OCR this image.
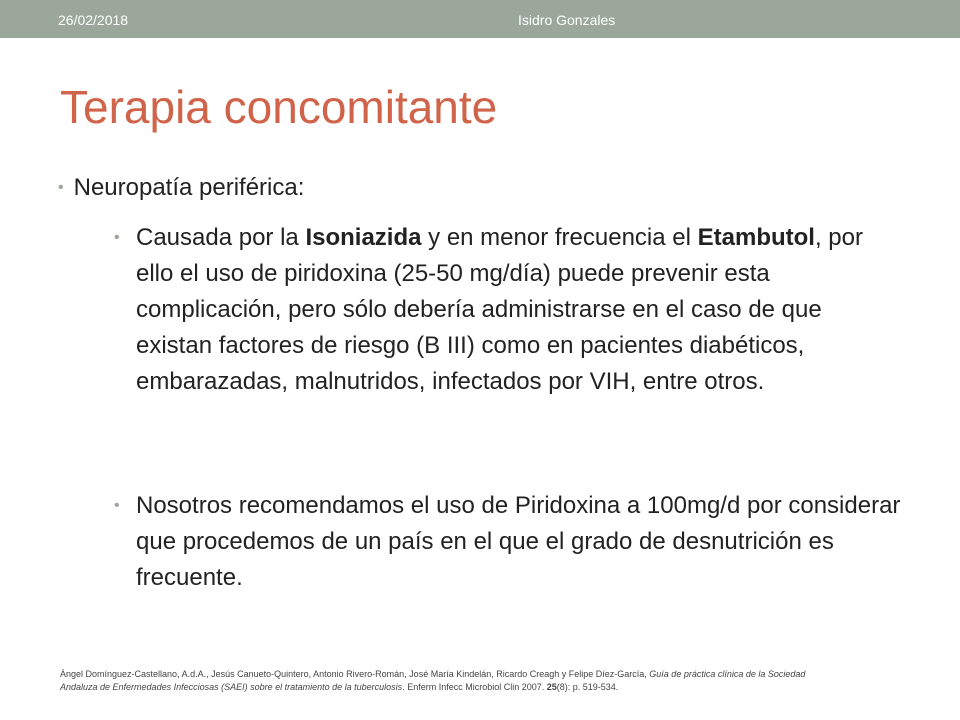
26/02/2018	Isidro Gonzales
Terapia concomitante
• Neuropatía periférica:
• Causada por la Isoniazida y en menor frecuencia el Etambutol, por ello el uso de piridoxina (25-50 mg/día) puede prevenir esta complicación, pero sólo debería administrarse en el caso de que existan factores de riesgo (B III) como en pacientes diabéticos, embarazadas, malnutridos, infectados por VIH, entre otros.
• Nosotros recomendamos el uso de Piridoxina a 100mg/d por considerar que procedemos de un país en el que el grado de desnutrición es frecuente.
Ángel Domínguez-Castellano, A.d.A., Jesús Canueto-Quintero, Antonio Rivero-Román, José María Kindelán, Ricardo Creagh y Felipe Díez-García, Guía de práctica clínica de la Sociedad Andaluza de Enfermedades Infecciosas (SAEI) sobre el tratamiento de la tuberculosis. Enferm Infecc Microbiol Clin 2007. 25(8): p. 519-534.
